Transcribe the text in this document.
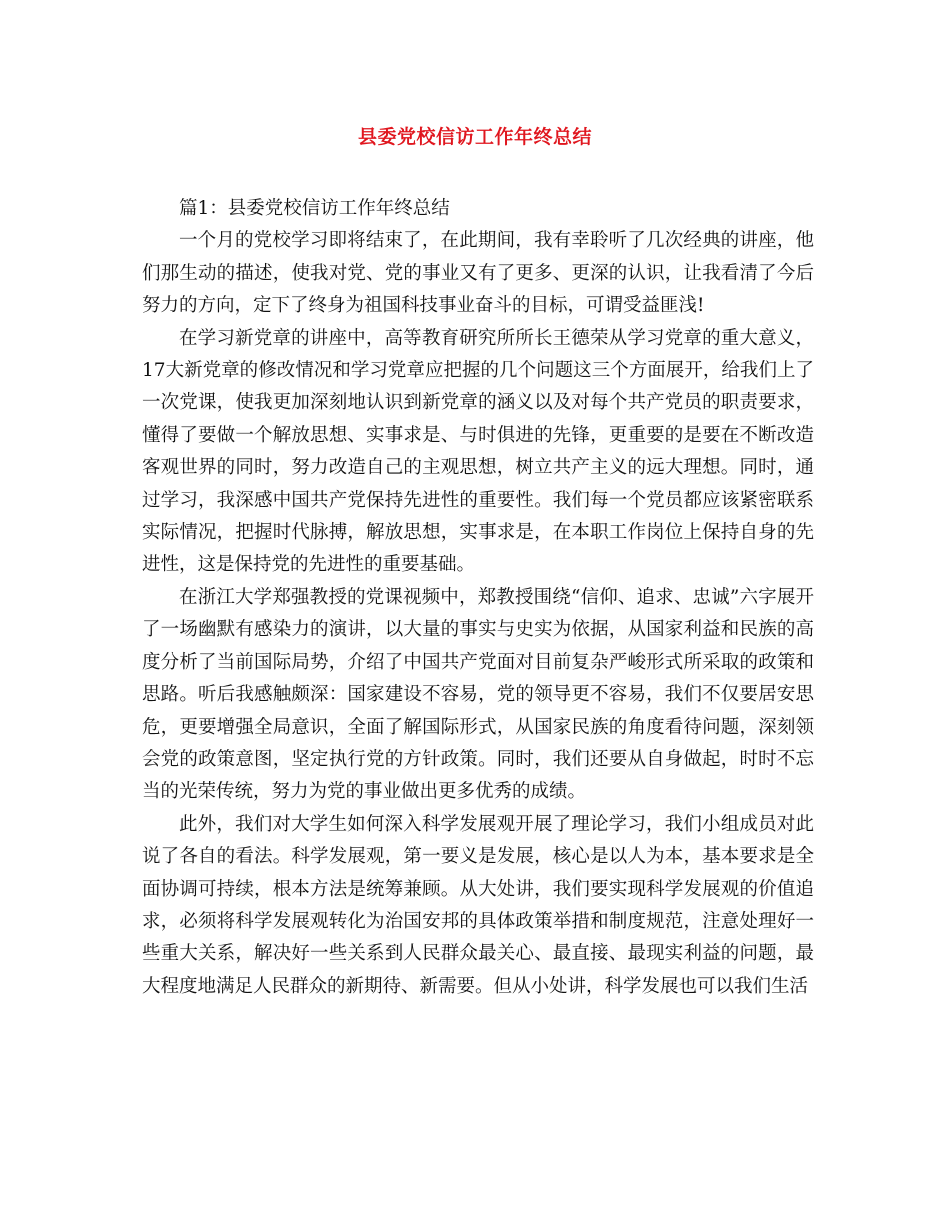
县委党校信访工作年终总结

篇1：县委党校信访工作年终总结

一个月的党校学习即将结束了，在此期间，我有幸聆听了几次经典的讲座，他们那生动的描述，使我对党、党的事业又有了更多、更深的认识，让我看清了今后努力的方向，定下了终身为祖国科技事业奋斗的目标，可谓受益匪浅!

在学习新党章的讲座中，高等教育研究所所长王德荣从学习党章的重大意义，17大新党章的修改情况和学习党章应把握的几个问题这三个方面展开，给我们上了一次党课，使我更加深刻地认识到新党章的涵义以及对每个共产党员的职责要求，懂得了要做一个解放思想、实事求是、与时俱进的先锋，更重要的是要在不断改造客观世界的同时，努力改造自己的主观思想，树立共产主义的远大理想。同时，通过学习，我深感中国共产党保持先进性的重要性。我们每一个党员都应该紧密联系实际情况，把握时代脉搏，解放思想，实事求是，在本职工作岗位上保持自身的先进性，这是保持党的先进性的重要基础。

在浙江大学郑强教授的党课视频中，郑教授围绕“信仰、追求、忠诚”六字展开了一场幽默有感染力的演讲，以大量的事实与史实为依据，从国家利益和民族的高度分析了当前国际局势，介绍了中国共产党面对目前复杂严峻形式所采取的政策和思路。听后我感触颇深：国家建设不容易，党的领导更不容易，我们不仅要居安思危，更要增强全局意识，全面了解国际形式，从国家民族的角度看待问题，深刻领会党的政策意图，坚定执行党的方针政策。同时，我们还要从自身做起，时时不忘当的光荣传统，努力为党的事业做出更多优秀的成绩。

此外，我们对大学生如何深入科学发展观开展了理论学习，我们小组成员对此说了各自的看法。科学发展观，第一要义是发展，核心是以人为本，基本要求是全面协调可持续，根本方法是统筹兼顾。从大处讲，我们要实现科学发展观的价值追求，必须将科学发展观转化为治国安邦的具体政策举措和制度规范，注意处理好一些重大关系，解决好一些关系到人民群众最关心、最直接、最现实利益的问题，最大程度地满足人民群众的新期待、新需要。但从小处讲，科学发展也可以我们生活
